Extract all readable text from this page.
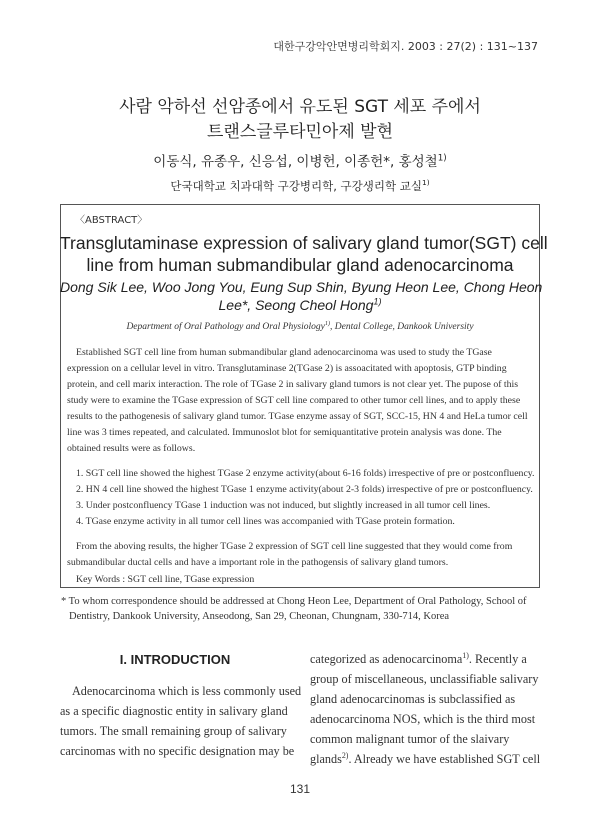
대한구강악안면병리학회지. 2003 : 27(2) : 131~137
사람 악하선 선암종에서 유도된 SGT 세포 주에서
트랜스글루타민아제 발현
이동식, 유종우, 신응섭, 이병헌, 이종헌*, 홍성철$^{1)}$
단국대학교 치과대학 구강병리학, 구강생리학 교실$^{1)}$
〈ABSTRACT〉
Transglutaminase expression of salivary gland tumor(SGT) cell
line from human submandibular gland adenocarcinoma
Dong Sik Lee, Woo Jong You, Eung Sup Shin, Byung Heon Lee, Chong Heon
Lee*, Seong Cheol Hong$^{1)}$
Department of Oral Pathology and Oral Physiology$^{1)}$, Dental College, Dankook University
Established SGT cell line from human submandibular gland adenocarcinoma was used to study the TGase
expression on a cellular level in vitro. Transglutaminase 2(TGase 2) is assoacitated with apoptosis, GTP binding
protein, and cell marix interaction. The role of TGase 2 in salivary gland tumors is not clear yet. The pupose of this
study were to examine the TGase expression of SGT cell line compared to other tumor cell lines, and to apply these
results to the pathogenesis of salivary gland tumor. TGase enzyme assay of SGT, SCC-15, HN 4 and HeLa tumor cell
line was 3 times repeated, and calculated. Immunoslot blot for semiquantitative protein analysis was done. The
obtained results were as follows.
1. SGT cell line showed the highest TGase 2 enzyme activity(about 6-16 folds) irrespective of pre or postconfluency.
2. HN 4 cell line showed the highest TGase 1 enzyme activity(about 2-3 folds) irrespective of pre or postconfluency.
3. Under postconfluency TGase 1 induction was not induced, but slightly increased in all tumor cell lines.
4. TGase enzyme activity in all tumor cell lines was accompanied with TGase protein formation.
From the aboving results, the higher TGase 2 expression of SGT cell line suggested that they would come from
submandibular ductal cells and have a important role in the pathogensis of salivary gland tumors.
Key Words : SGT cell line, TGase expression
* To whom correspondence should be addressed at Chong Heon Lee, Department of Oral Pathology, School of
Dentistry, Dankook University, Anseodong, San 29, Cheonan, Chungnam, 330-714, Korea
I. INTRODUCTION
Adenocarcinoma which is less commonly used
as a specific diagnostic entity in salivary gland
tumors. The small remaining group of salivary
carcinomas with no specific designation may be
categorized as adenocarcinoma$^{1)}$. Recently a
group of miscellaneous, unclassifiable salivary
gland adenocarcinomas is subclassified as
adenocarcinoma NOS, which is the third most
common malignant tumor of the slaivary
glands$^{2)}$. Already we have established SGT cell
131
